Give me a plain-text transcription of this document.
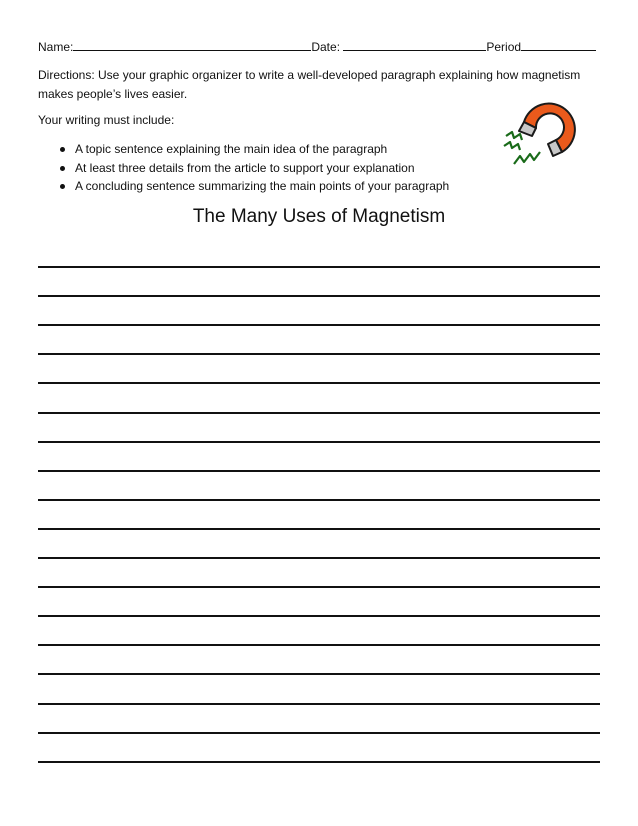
Name:	Date:	Period
Directions: Use your graphic organizer to write a well-developed paragraph explaining how magnetism makes people’s lives easier.
Your writing must include:
A topic sentence explaining the main idea of the paragraph
At least three details from the article to support your explanation
A concluding sentence summarizing the main points of your paragraph
The Many Uses of Magnetism
